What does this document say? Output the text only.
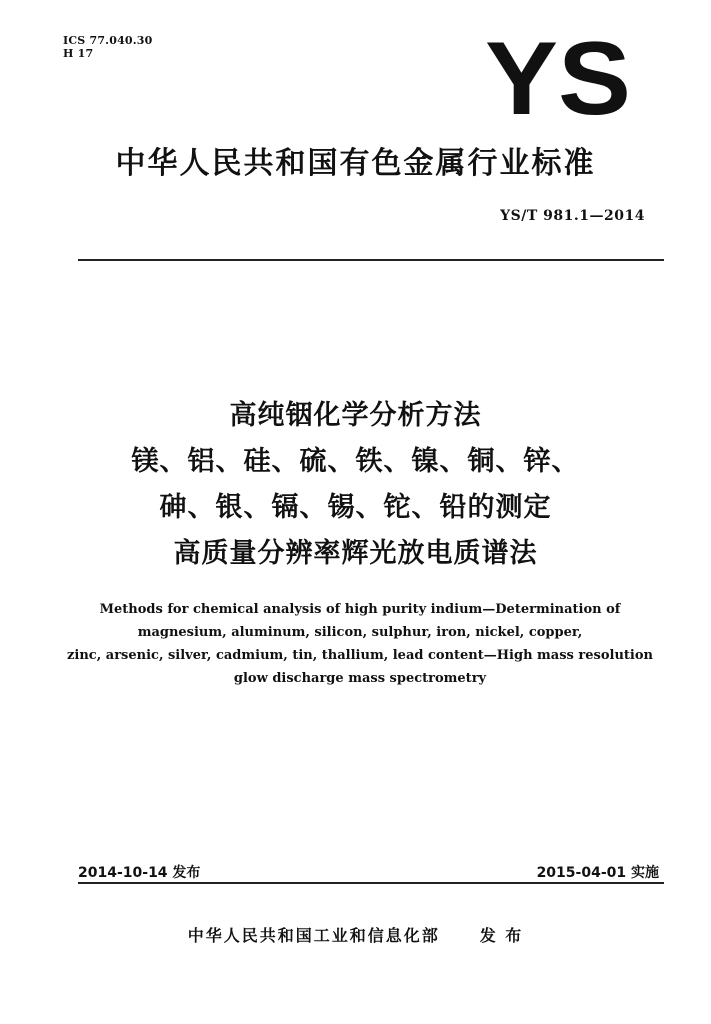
ICS 77.040.30
H 17	YS
中华人民共和国有色金属行业标准
YS/T 981.1—2014
高纯铟化学分析方法
镁、铝、硅、硫、铁、镍、铜、锌、
砷、银、镉、锡、铊、铅的测定
高质量分辨率辉光放电质谱法
Methods for chemical analysis of high purity indium—Determination of
magnesium, aluminum, silicon, sulphur, iron, nickel, copper,
zinc, arsenic, silver, cadmium, tin, thallium, lead content—High mass resolution
glow discharge mass spectrometry
2014-10-14 发布	2015-04-01 实施
中华人民共和国工业和信息化部	发 布
